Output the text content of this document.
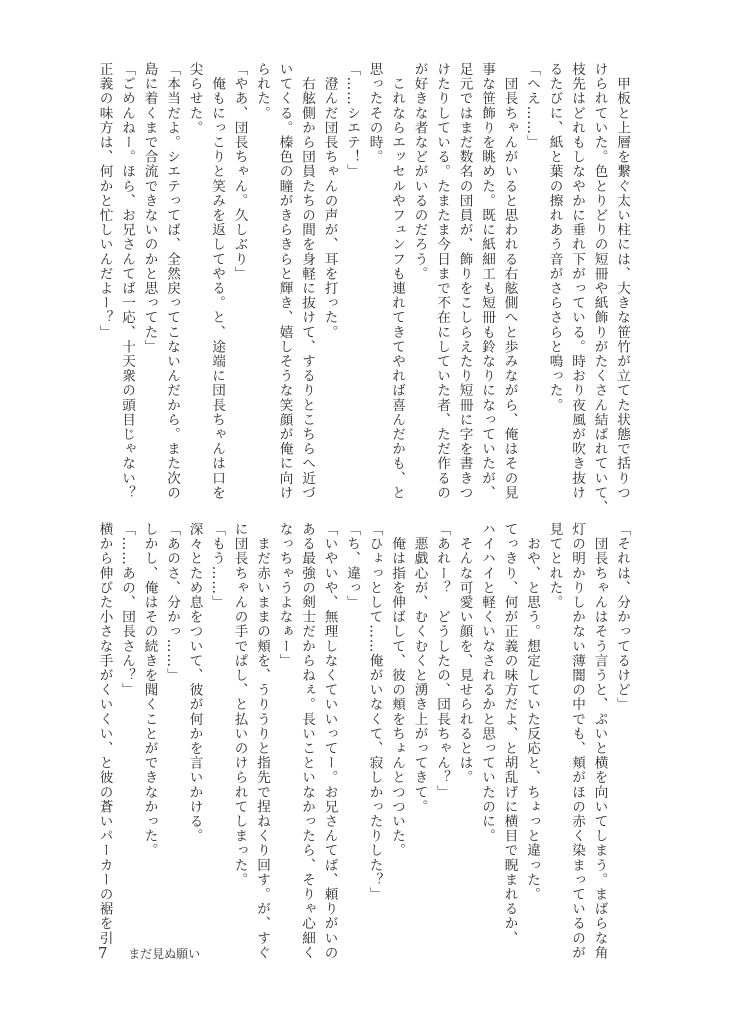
　甲板と上層を繋ぐ太い柱には、大きな笹竹が立てた状態で括りつ
けられていた。色とりどりの短冊や紙飾りがたくさん結ばれていて、
枝先はどれもしなやかに垂れ下がっている。時おり夜風が吹き抜け
るたびに、紙と葉の擦れあう音がさらさらと鳴った。
「へえ……」
　団長ちゃんがいると思われる右舷側へと歩みながら、俺はその見
事な笹飾りを眺めた。既に紙細工も短冊も鈴なりになっていたが、
足元ではまだ数名の団員が、飾りをこしらえたり短冊に字を書きつ
けたりしている。たまたま今日まで不在にしていた者、ただ作るの
が好きな者などがいるのだろう。
　これならエッセルやフュンフも連れてきてやれば喜んだかも、と
思ったその時。
「……シエテ！」
　澄んだ団長ちゃんの声が、耳を打った。
　右舷側から団員たちの間を身軽に抜けて、するりとこちらへ近づ
いてくる。榛色の瞳がきらきらと輝き、嬉しそうな笑顔が俺に向け
られた。
「やあ、団長ちゃん。久しぶり」
　俺もにっこりと笑みを返してやる。と、途端に団長ちゃんは口を
尖らせた。
「本当だよ。シエテってば、全然戻ってこないんだから。また次の
島に着くまで合流できないのかと思ってた」
「ごめんねー。ほら、お兄さんてば一応、十天衆の頭目じゃない？
正義の味方は、何かと忙しいんだよー？」
「それは、分かってるけど」
　団長ちゃんはそう言うと、ぷいと横を向いてしまう。まばらな角
灯の明かりしかない薄闇の中でも、頬がほの赤く染まっているのが
見てとれた。
　おや、と思う。想定していた反応と、ちょっと違った。
てっきり、何が正義の味方だよ、と胡乱げに横目で睨まれるか、
ハイハイと軽くいなされるかと思っていたのに。
　そんな可愛い顔を、見せられるとは。
「あれー？　どうしたの、団長ちゃん？」
　悪戯心が、むくむくと湧き上がってきて。
　俺は指を伸ばして、彼の頬をちょんとつついた。
「ひょっとして……俺がいなくて、寂しかったりした？」
「ち、違っ」
「いやいや、無理しなくていいってー。お兄さんてば、頼りがいの
ある最強の剣士だからねぇ。長いこといなかったら、そりゃ心細く
なっちゃうよなぁー」
　まだ赤いままの頬を、うりうりと指先で捏ねくり回す。が、すぐ
に団長ちゃんの手でぱし、と払いのけられてしまった。
「もう……」
深々とため息をついて、彼が何かを言いかける。
「あのさ、分かっ……」
しかし、俺はその続きを聞くことができなかった。
「……あの、団長さん？」
横から伸びた小さな手がくいくい、と彼の蒼いパーカーの裾を引
7 まだ見ぬ願い
